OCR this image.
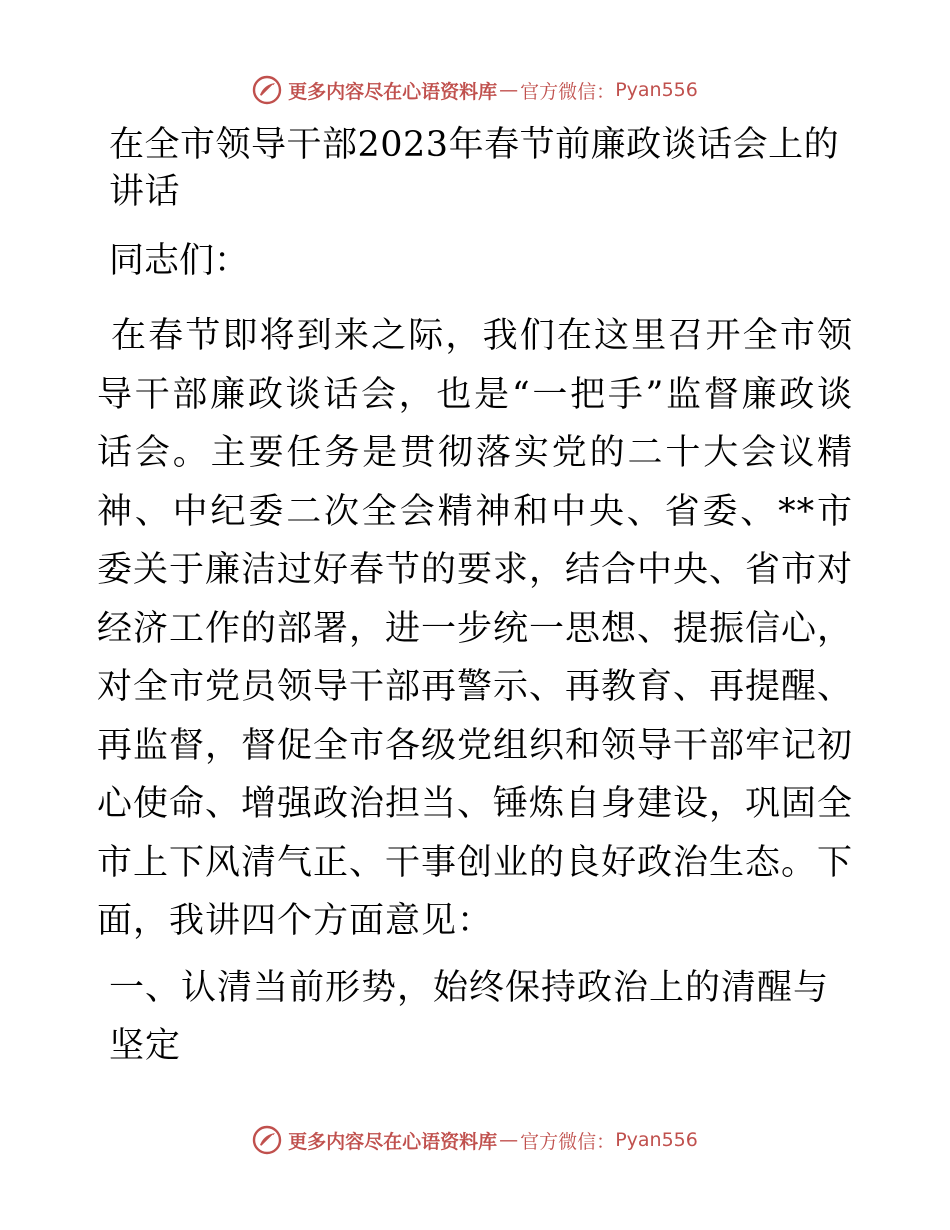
更多内容尽在心语资料库 — 官方微信： Pyan556
在全市领导干部2023年春节前廉政谈话会上的讲话
同志们：
在春节即将到来之际，我们在这里召开全市领导干部廉政谈话会，也是“一把手”监督廉政谈话会。主要任务是贯彻落实党的二十大会议精神、中纪委二次全会精神和中央、省委、**市委关于廉洁过好春节的要求，结合中央、省市对经济工作的部署，进一步统一思想、提振信心，对全市党员领导干部再警示、再教育、再提醒、再监督，督促全市各级党组织和领导干部牢记初心使命、增强政治担当、锤炼自身建设，巩固全市上下风清气正、干事创业的良好政治生态。下面，我讲四个方面意见：
一、认清当前形势，始终保持政治上的清醒与坚定
更多内容尽在心语资料库 — 官方微信： Pyan556
